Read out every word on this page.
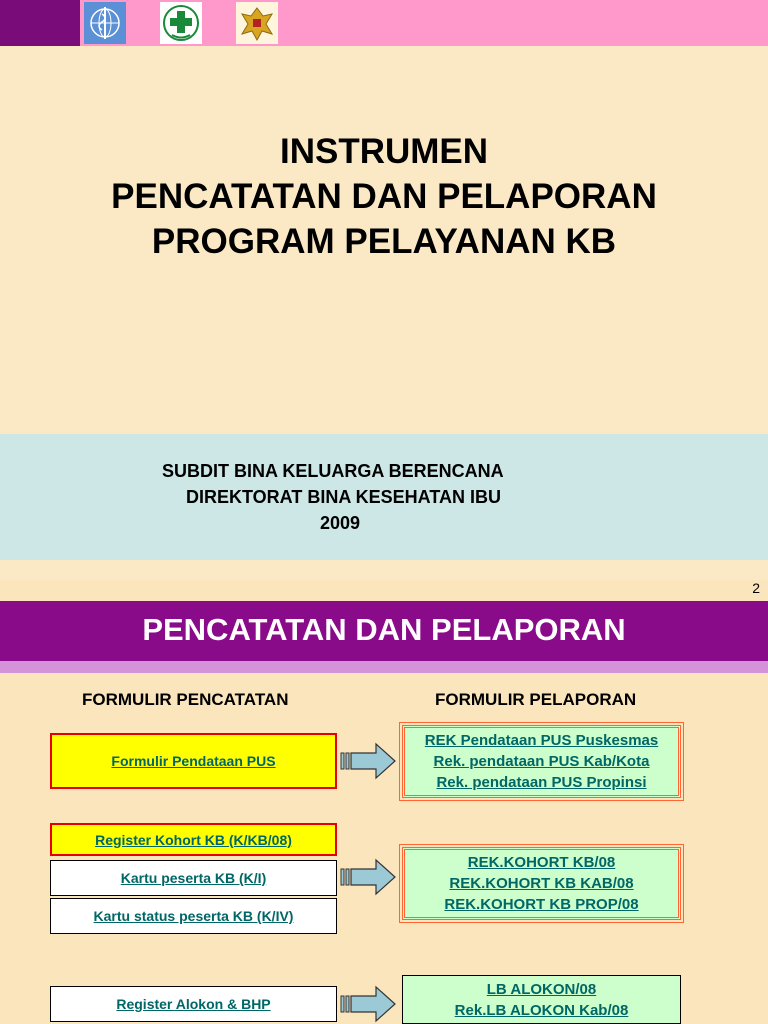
INSTRUMEN
PENCATATAN DAN PELAPORAN
PROGRAM PELAYANAN KB
SUBDIT BINA KELUARGA BERENCANA
DIREKTORAT BINA KESEHATAN IBU
2009
2
PENCATATAN DAN PELAPORAN
FORMULIR PENCATATAN	FORMULIR PELAPORAN
Formulir Pendataan PUS
Register Kohort KB (K/KB/08)
Kartu peserta KB (K/I)
Kartu status peserta KB (K/IV)
Register Alokon & BHP
REK Pendataan PUS Puskesmas
Rek. pendataan PUS Kab/Kota
Rek. pendataan PUS Propinsi
REK.KOHORT KB/08
REK.KOHORT KB KAB/08
REK.KOHORT KB PROP/08
LB ALOKON/08
Rek.LB ALOKON Kab/08
